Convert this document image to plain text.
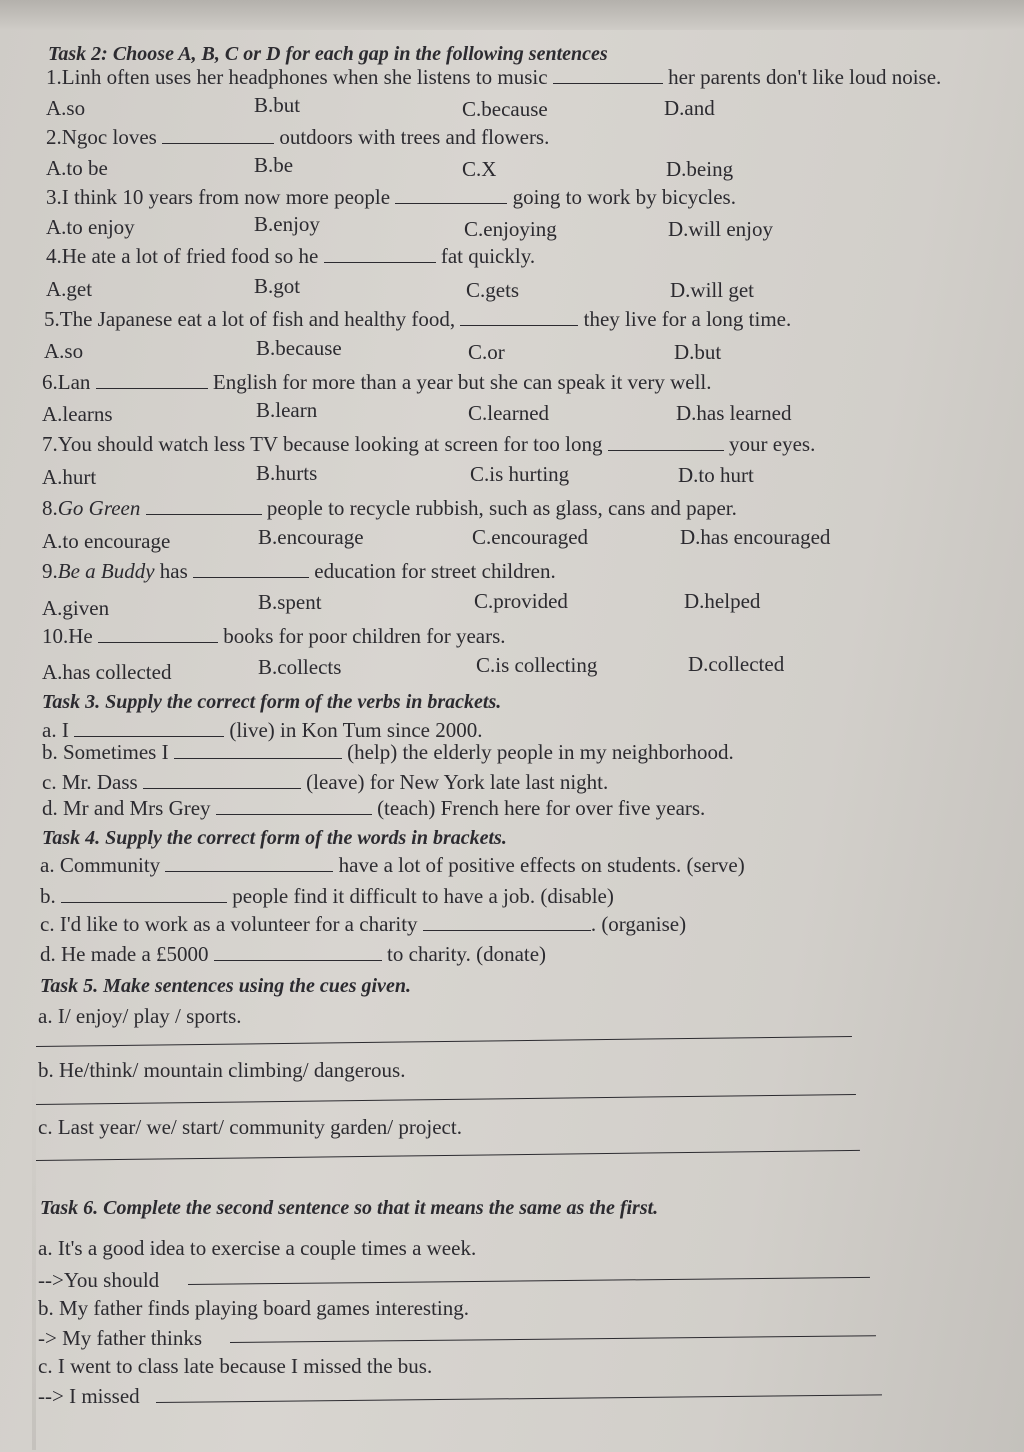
Task 2: Choose A, B, C or D for each gap in the following sentences
1.Linh often uses her headphones when she listens to music	her parents don't like loud noise.
A.so	B.but	C.because	D.and
2.Ngoc loves	outdoors with trees and flowers.
A.to be	B.be	C.X	D.being
3.I think 10 years from now more people	going to work by bicycles.
A.to enjoy	B.enjoy	C.enjoying	D.will enjoy
4.He ate a lot of fried food so he	fat quickly.
A.get	B.got	C.gets	D.will get
5.The Japanese eat a lot of fish and healthy food,	they live for a long time.
A.so	B.because	C.or	D.but
6.Lan	English for more than a year but she can speak it very well.
A.learns	B.learn	C.learned	D.has learned
7.You should watch less TV because looking at screen for too long	your eyes.
A.hurt	B.hurts	C.is hurting	D.to hurt
8.Go Green	people to recycle rubbish, such as glass, cans and paper.
A.to encourage	B.encourage	C.encouraged	D.has encouraged
9.Be a Buddy has	education for street children.
A.given	B.spent	C.provided	D.helped
10.He	books for poor children for years.
A.has collected	B.collects	C.is collecting	D.collected
Task 3. Supply the correct form of the verbs in brackets.
a. I	(live) in Kon Tum since 2000.
b. Sometimes I	(help) the elderly people in my neighborhood.
c. Mr. Dass	(leave) for New York late last night.
d. Mr and Mrs Grey	(teach) French here for over five years.
Task 4. Supply the correct form of the words in brackets.
a. Community	have a lot of positive effects on students. (serve)
b.	people find it difficult to have a job. (disable)
c. I'd like to work as a volunteer for a charity	. (organise)
d. He made a £5000	to charity. (donate)
Task 5. Make sentences using the cues given.
a. I/ enjoy/ play / sports.
b. He/think/ mountain climbing/ dangerous.
c. Last year/ we/ start/ community garden/ project.
Task 6. Complete the second sentence so that it means the same as the first.
a. It's a good idea to exercise a couple times a week.
-->You should
b. My father finds playing board games interesting.
-> My father thinks
c. I went to class late because I missed the bus.
--> I missed
